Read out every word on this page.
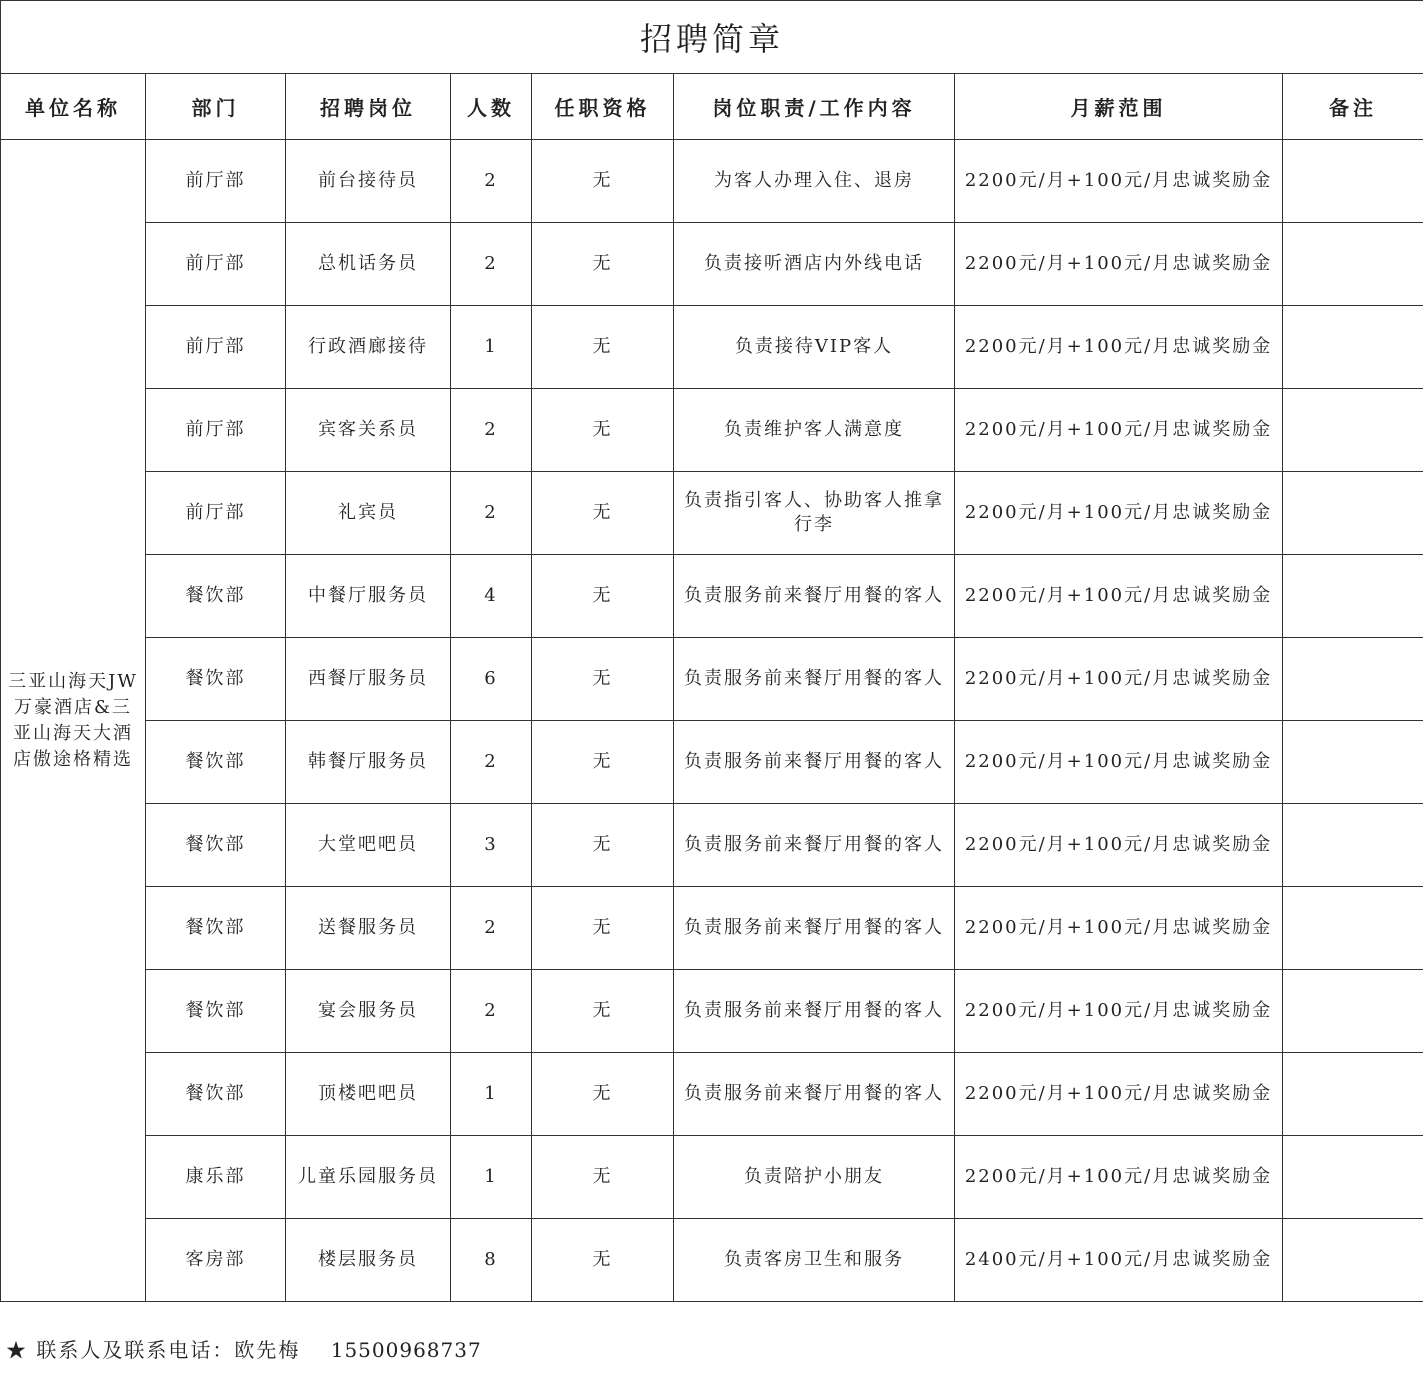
招聘简章							
单位名称	部门	招聘岗位	人数	任职资格	岗位职责/工作内容	月薪范围	备注
三亚山海天JW万豪酒店&三亚山海天大酒店傲途格精选	前厅部	前台接待员	2	无	为客人办理入住、退房	2200元/月+100元/月忠诚奖励金	
	前厅部	总机话务员	2	无	负责接听酒店内外线电话	2200元/月+100元/月忠诚奖励金	
	前厅部	行政酒廊接待	1	无	负责接待VIP客人	2200元/月+100元/月忠诚奖励金	
	前厅部	宾客关系员	2	无	负责维护客人满意度	2200元/月+100元/月忠诚奖励金	
	前厅部	礼宾员	2	无	负责指引客人、协助客人推拿行李	2200元/月+100元/月忠诚奖励金	
	餐饮部	中餐厅服务员	4	无	负责服务前来餐厅用餐的客人	2200元/月+100元/月忠诚奖励金	
	餐饮部	西餐厅服务员	6	无	负责服务前来餐厅用餐的客人	2200元/月+100元/月忠诚奖励金	
	餐饮部	韩餐厅服务员	2	无	负责服务前来餐厅用餐的客人	2200元/月+100元/月忠诚奖励金	
	餐饮部	大堂吧吧员	3	无	负责服务前来餐厅用餐的客人	2200元/月+100元/月忠诚奖励金	
	餐饮部	送餐服务员	2	无	负责服务前来餐厅用餐的客人	2200元/月+100元/月忠诚奖励金	
	餐饮部	宴会服务员	2	无	负责服务前来餐厅用餐的客人	2200元/月+100元/月忠诚奖励金	
	餐饮部	顶楼吧吧员	1	无	负责服务前来餐厅用餐的客人	2200元/月+100元/月忠诚奖励金	
	康乐部	儿童乐园服务员	1	无	负责陪护小朋友	2200元/月+100元/月忠诚奖励金	
	客房部	楼层服务员	8	无	负责客房卫生和服务	2400元/月+100元/月忠诚奖励金	
★ 联系人及联系电话：欧先梅 15500968737
